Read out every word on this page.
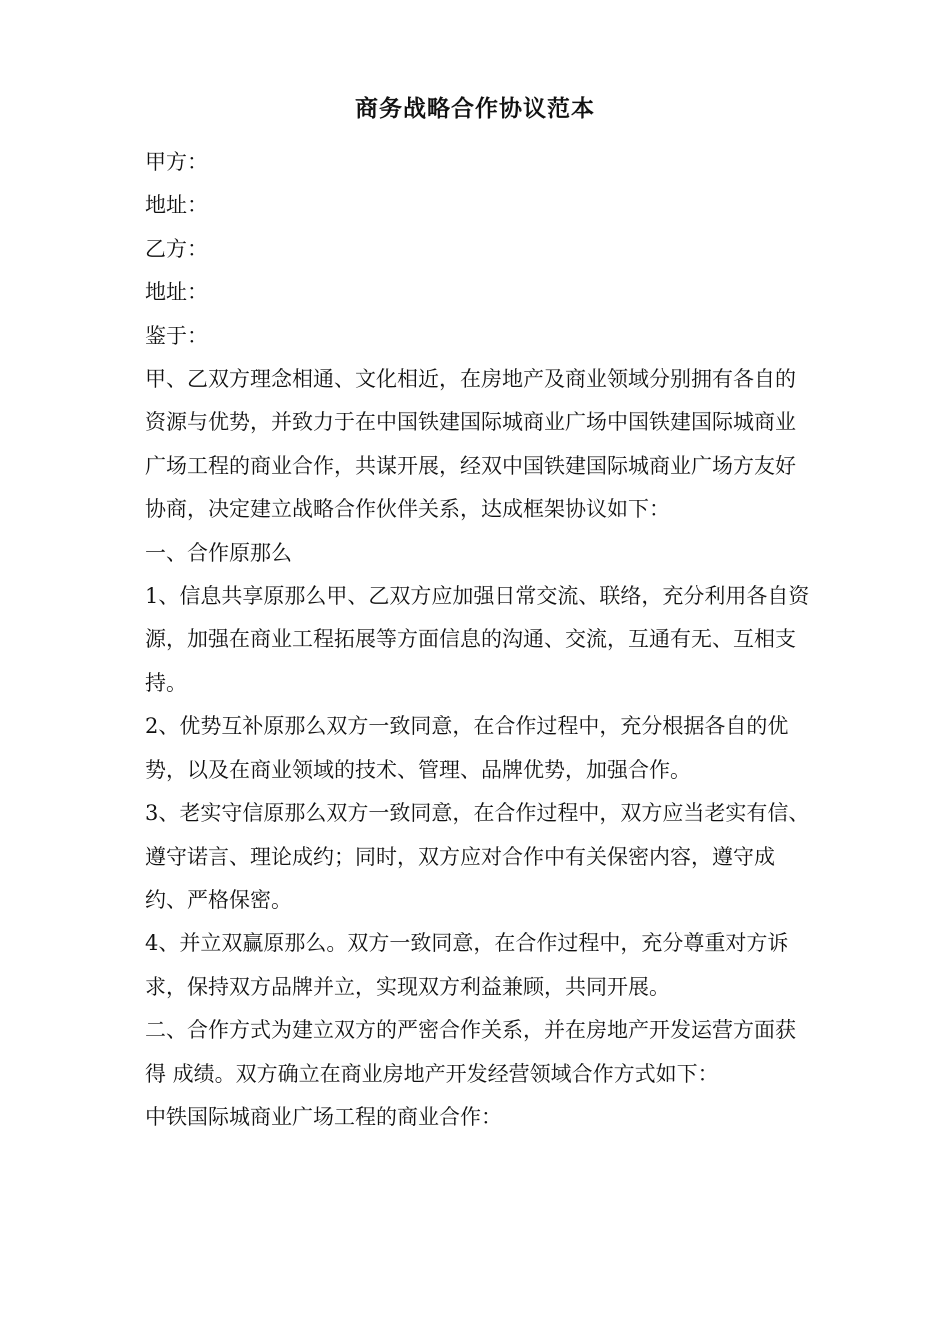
商务战略合作协议范本

甲方：

地址：

乙方：

地址：

鉴于：

甲、乙双方理念相通、文化相近，在房地产及商业领域分别拥有各自的资源与优势，并致力于在中国铁建国际城商业广场中国铁建国际城商业广场工程的商业合作，共谋开展，经双中国铁建国际城商业广场方友好协商，决定建立战略合作伙伴关系，达成框架协议如下：

一、合作原那么

1、信息共享原那么甲、乙双方应加强日常交流、联络，充分利用各自资源，加强在商业工程拓展等方面信息的沟通、交流，互通有无、互相支持。

2、优势互补原那么双方一致同意，在合作过程中，充分根据各自的优势，以及在商业领域的技术、管理、品牌优势，加强合作。

3、老实守信原那么双方一致同意，在合作过程中，双方应当老实有信、遵守诺言、理论成约；同时，双方应对合作中有关保密内容，遵守成约、严格保密。

4、并立双赢原那么。双方一致同意，在合作过程中，充分尊重对方诉求，保持双方品牌并立，实现双方利益兼顾，共同开展。

二、合作方式为建立双方的严密合作关系，并在房地产开发运营方面获得 成绩。双方确立在商业房地产开发经营领域合作方式如下：

中铁国际城商业广场工程的商业合作：
